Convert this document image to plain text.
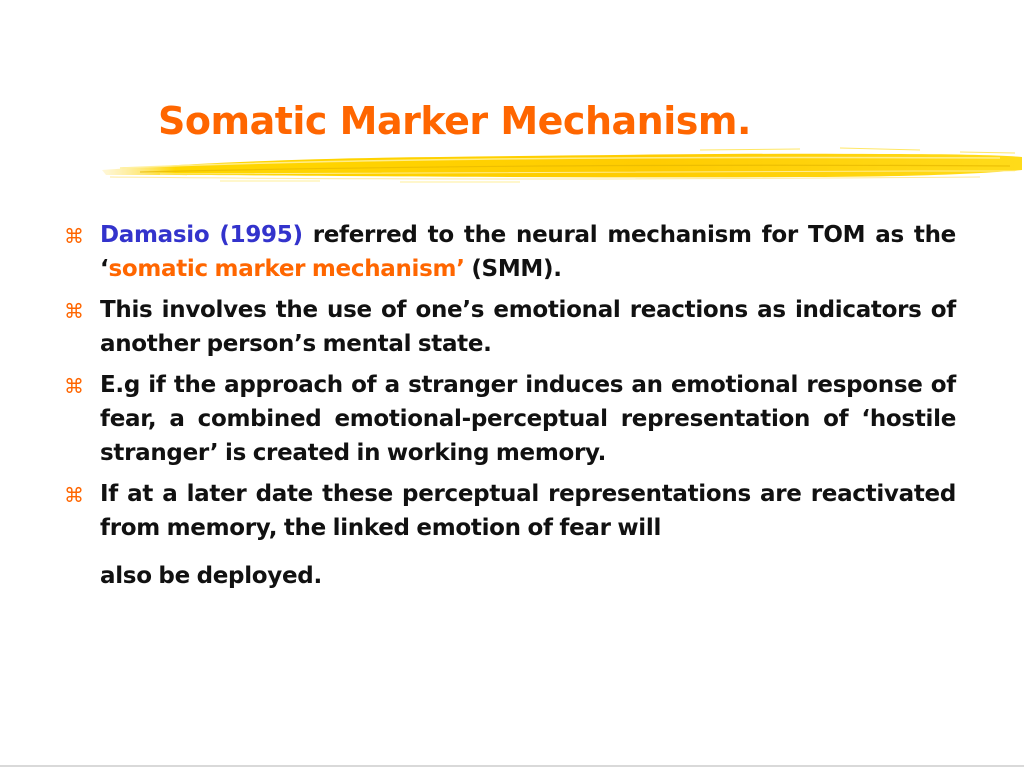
Somatic Marker Mechanism.
⌘ Damasio (1995) referred to the neural mechanism for TOM as the ‘somatic marker mechanism’ (SMM).
⌘ This involves the use of one’s emotional reactions as indicators of another person’s mental state.
⌘ E.g if the approach of a stranger induces an emotional response of fear, a combined emotional-perceptual representation of ‘hostile stranger’ is created in working memory.
⌘ If at a later date these perceptual representations are reactivated from memory, the linked emotion of fear will
also be deployed.
